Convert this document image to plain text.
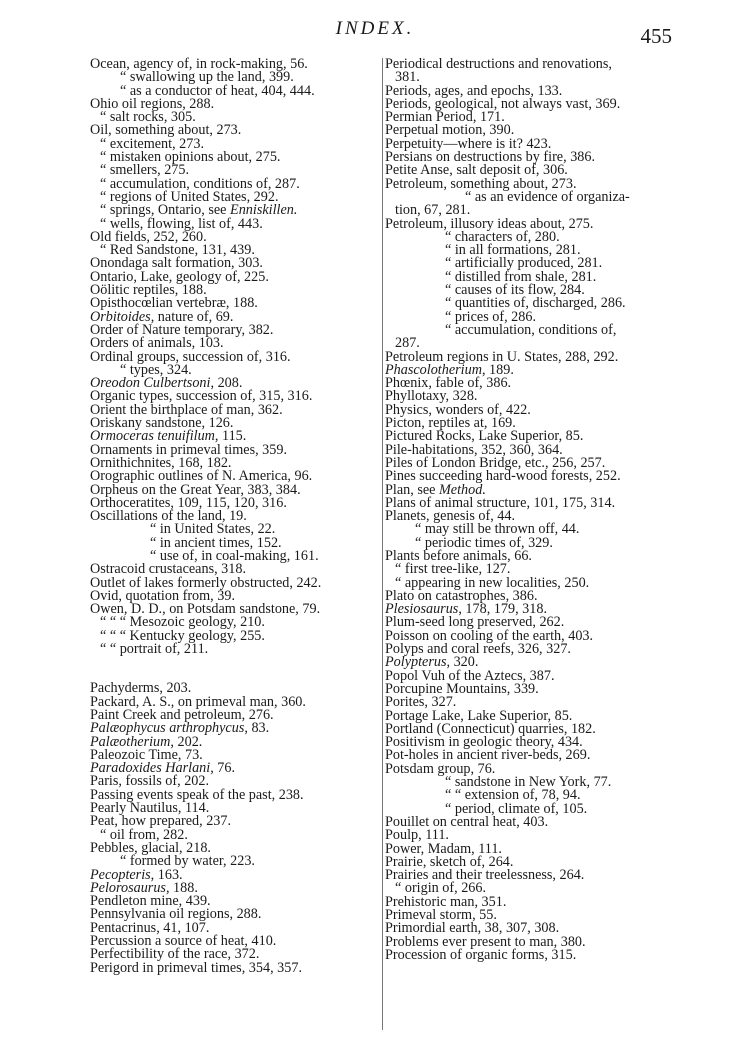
INDEX.	455
Ocean, agency of, in rock-making, 56.
“ swallowing up the land, 399.
“ as a conductor of heat, 404, 444.
Ohio oil regions, 288.
“ salt rocks, 305.
Oil, something about, 273.
“ excitement, 273.
“ mistaken opinions about, 275.
“ smellers, 275.
“ accumulation, conditions of, 287.
“ regions of United States, 292.
“ springs, Ontario, see Enniskillen.
“ wells, flowing, list of, 443.
Old fields, 252, 260.
“ Red Sandstone, 131, 439.
Onondaga salt formation, 303.
Ontario, Lake, geology of, 225.
Oölitic reptiles, 188.
Opisthocœlian vertebræ, 188.
Orbitoides, nature of, 69.
Order of Nature temporary, 382.
Orders of animals, 103.
Ordinal groups, succession of, 316.
“ types, 324.
Oreodon Culbertsoni, 208.
Organic types, succession of, 315, 316.
Orient the birthplace of man, 362.
Oriskany sandstone, 126.
Ormoceras tenuifilum, 115.
Ornaments in primeval times, 359.
Ornithichnites, 168, 182.
Orographic outlines of N. America, 96.
Orpheus on the Great Year, 383, 384.
Orthoceratites, 109, 115, 120, 316.
Oscillations of the land, 19.
“ in United States, 22.
“ in ancient times, 152.
“ use of, in coal-making, 161.
Ostracoid crustaceans, 318.
Outlet of lakes formerly obstructed, 242.
Ovid, quotation from, 39.
Owen, D. D., on Potsdam sandstone, 79.
“ “ “ Mesozoic geology, 210.
“ “ “ Kentucky geology, 255.
“ “ portrait of, 211.
Pachyderms, 203.
Packard, A. S., on primeval man, 360.
Paint Creek and petroleum, 276.
Palæophycus arthrophycus, 83.
Palæotherium, 202.
Paleozoic Time, 73.
Paradoxides Harlani, 76.
Paris, fossils of, 202.
Passing events speak of the past, 238.
Pearly Nautilus, 114.
Peat, how prepared, 237.
“ oil from, 282.
Pebbles, glacial, 218.
“ formed by water, 223.
Pecopteris, 163.
Pelorosaurus, 188.
Pendleton mine, 439.
Pennsylvania oil regions, 288.
Pentacrinus, 41, 107.
Percussion a source of heat, 410.
Perfectibility of the race, 372.
Perigord in primeval times, 354, 357.
Periodical destructions and renovations,
381.
Periods, ages, and epochs, 133.
Periods, geological, not always vast, 369.
Permian Period, 171.
Perpetual motion, 390.
Perpetuity—where is it? 423.
Persians on destructions by fire, 386.
Petite Anse, salt deposit of, 306.
Petroleum, something about, 273.
“ as an evidence of organiza-
tion, 67, 281.
Petroleum, illusory ideas about, 275.
“ characters of, 280.
“ in all formations, 281.
“ artificially produced, 281.
“ distilled from shale, 281.
“ causes of its flow, 284.
“ quantities of, discharged, 286.
“ prices of, 286.
“ accumulation, conditions of,
287.
Petroleum regions in U. States, 288, 292.
Phascolotherium, 189.
Phœnix, fable of, 386.
Phyllotaxy, 328.
Physics, wonders of, 422.
Picton, reptiles at, 169.
Pictured Rocks, Lake Superior, 85.
Pile-habitations, 352, 360, 364.
Piles of London Bridge, etc., 256, 257.
Pines succeeding hard-wood forests, 252.
Plan, see Method.
Plans of animal structure, 101, 175, 314.
Planets, genesis of, 44.
“ may still be thrown off, 44.
“ periodic times of, 329.
Plants before animals, 66.
“ first tree-like, 127.
“ appearing in new localities, 250.
Plato on catastrophes, 386.
Plesiosaurus, 178, 179, 318.
Plum-seed long preserved, 262.
Poisson on cooling of the earth, 403.
Polyps and coral reefs, 326, 327.
Polypterus, 320.
Popol Vuh of the Aztecs, 387.
Porcupine Mountains, 339.
Porites, 327.
Portage Lake, Lake Superior, 85.
Portland (Connecticut) quarries, 182.
Positivism in geologic theory, 434.
Pot-holes in ancient river-beds, 269.
Potsdam group, 76.
“ sandstone in New York, 77.
“ “ extension of, 78, 94.
“ period, climate of, 105.
Pouillet on central heat, 403.
Poulp, 111.
Power, Madam, 111.
Prairie, sketch of, 264.
Prairies and their treelessness, 264.
“ origin of, 266.
Prehistoric man, 351.
Primeval storm, 55.
Primordial earth, 38, 307, 308.
Problems ever present to man, 380.
Procession of organic forms, 315.
